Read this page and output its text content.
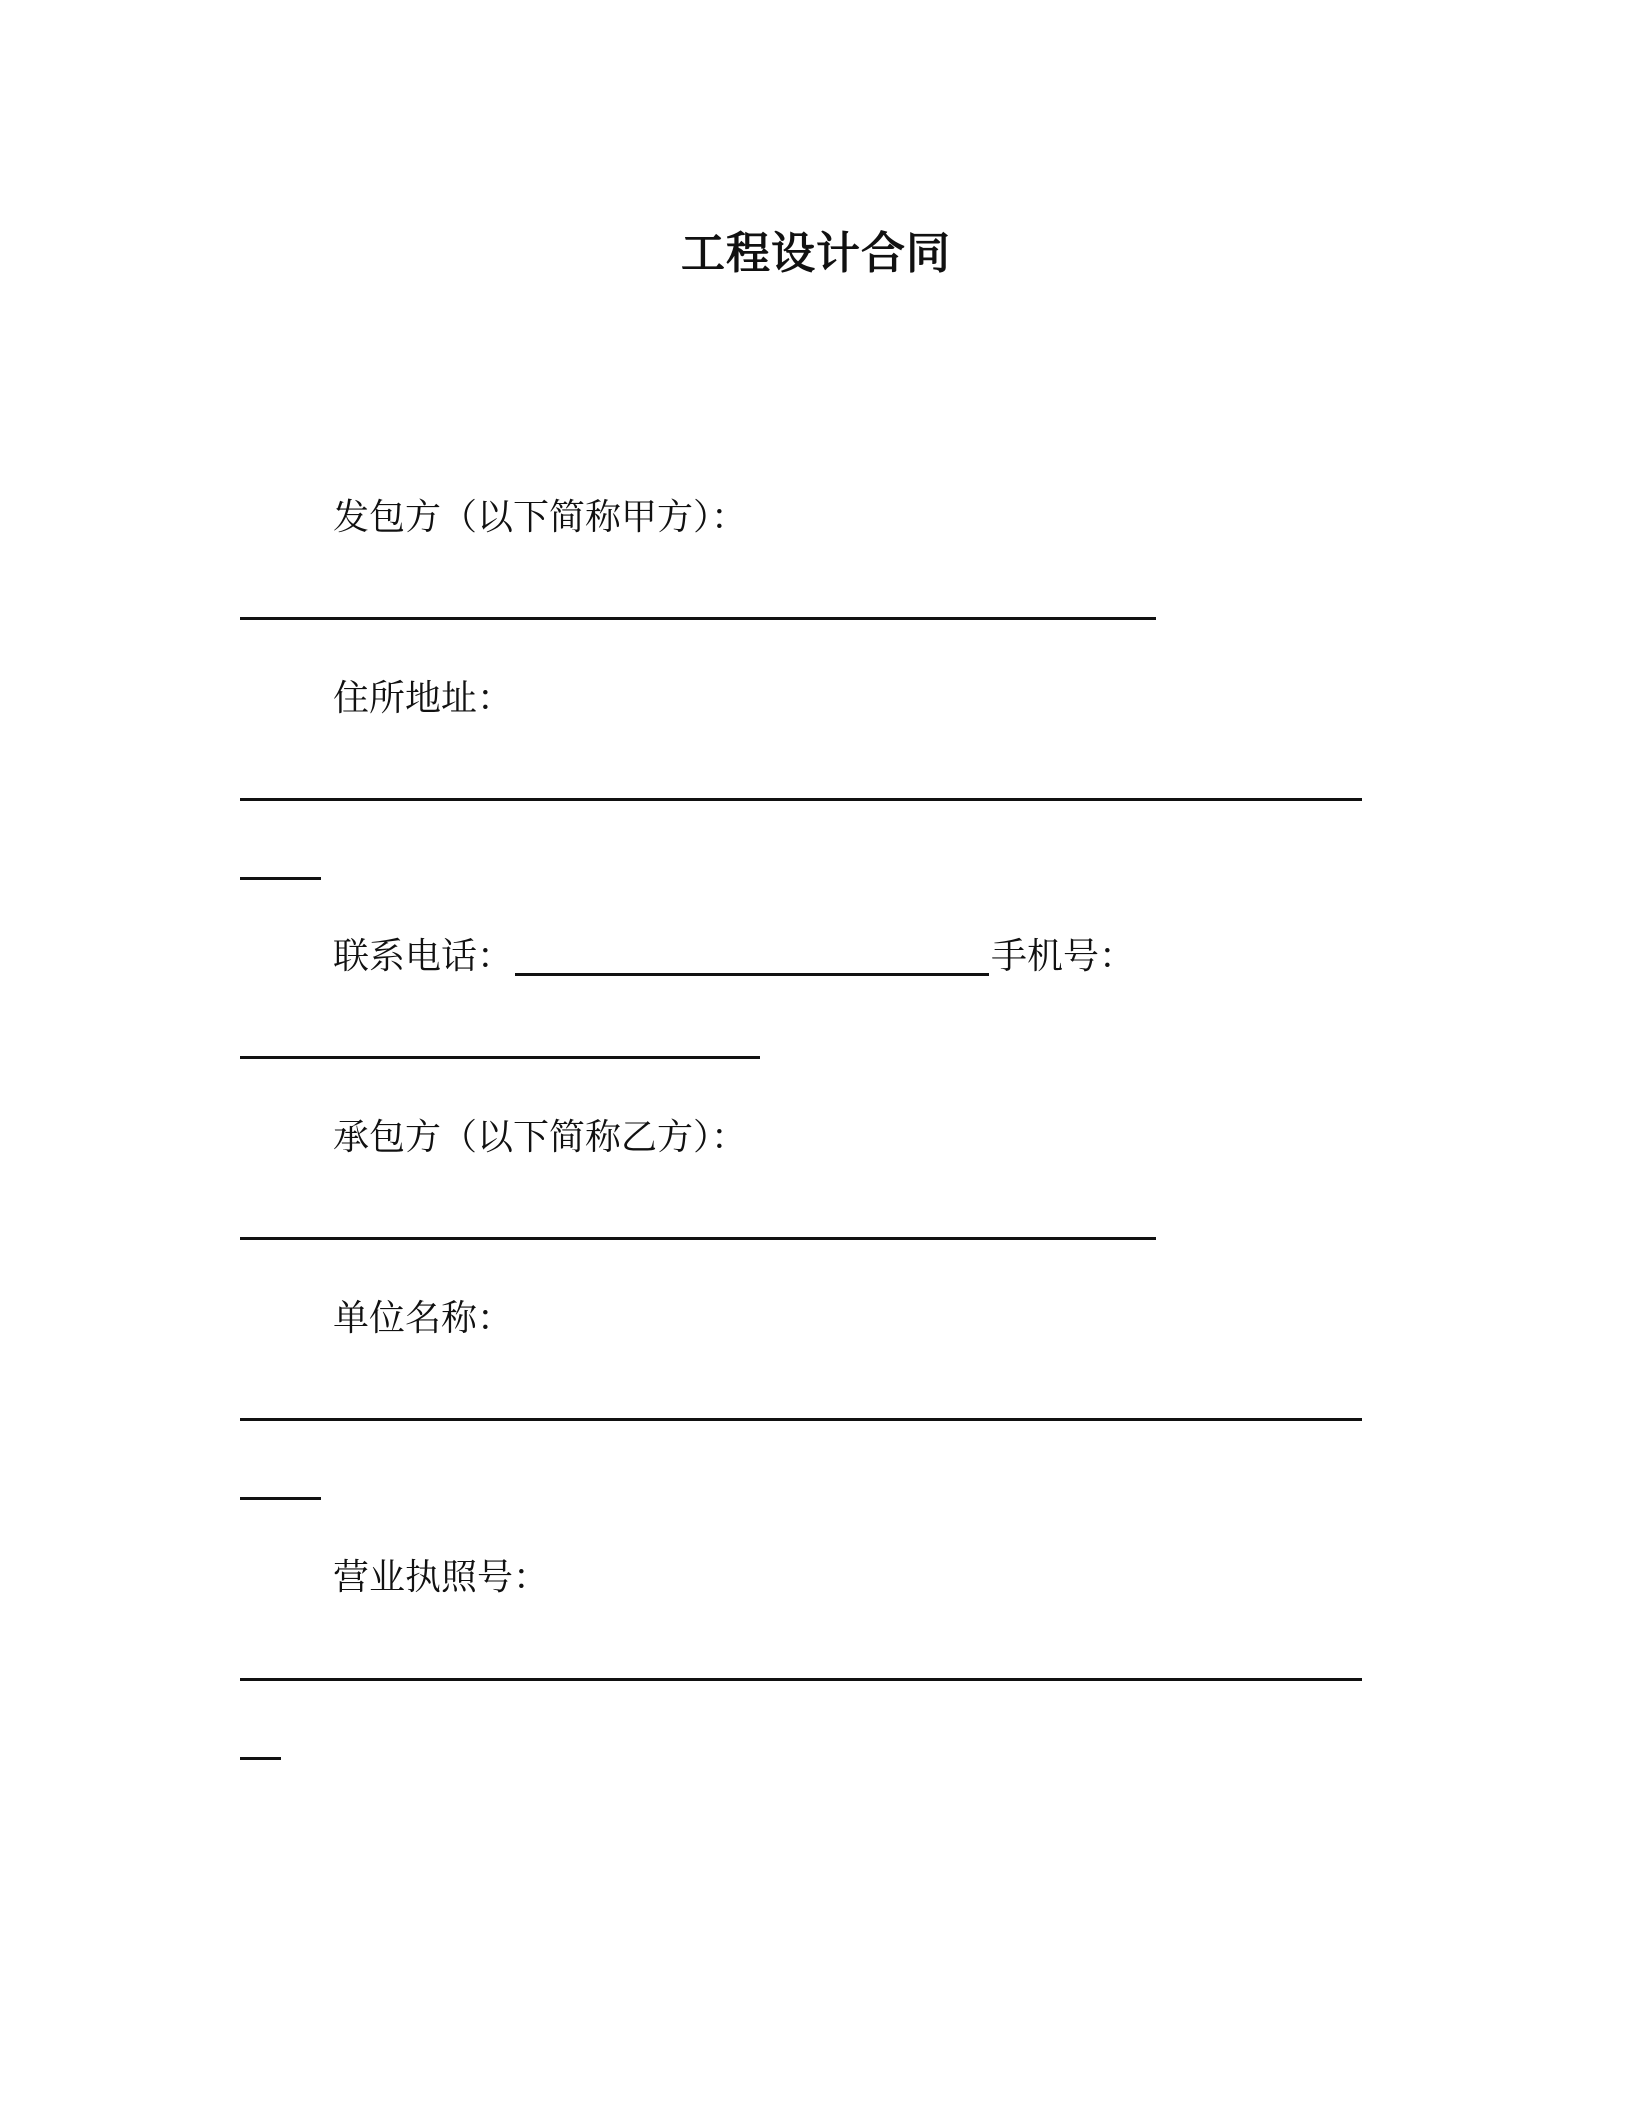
工程设计合同
发包方（以下简称甲方）：
住所地址：
联系电话：	手机号：
承包方（以下简称乙方）：
单位名称：
营业执照号：
